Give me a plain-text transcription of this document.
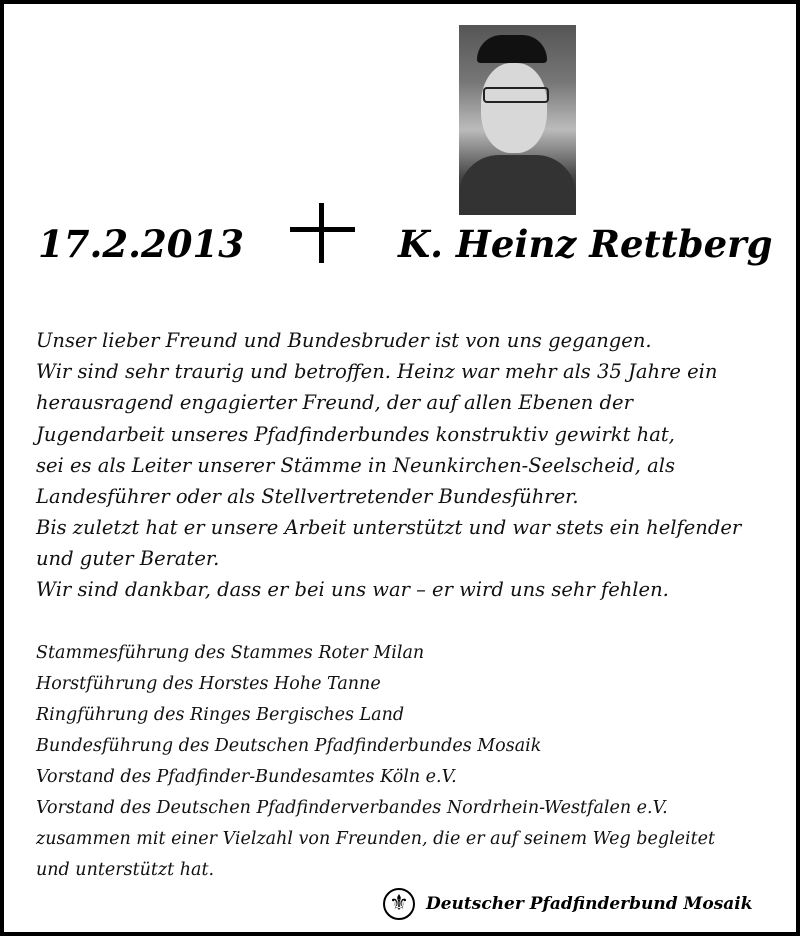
17.2.2013	K. Heinz Rettberg
Unser lieber Freund und Bundesbruder ist von uns gegangen.
Wir sind sehr traurig und betroffen. Heinz war mehr als 35 Jahre ein
herausragend engagierter Freund, der auf allen Ebenen der
Jugendarbeit unseres Pfadfinderbundes konstruktiv gewirkt hat,
sei es als Leiter unserer Stämme in Neunkirchen-Seelscheid, als
Landesführer oder als Stellvertretender Bundesführer.
Bis zuletzt hat er unsere Arbeit unterstützt und war stets ein helfender
und guter Berater.
Wir sind dankbar, dass er bei uns war – er wird uns sehr fehlen.
Stammesführung des Stammes Roter Milan
Horstführung des Horstes Hohe Tanne
Ringführung des Ringes Bergisches Land
Bundesführung des Deutschen Pfadfinderbundes Mosaik
Vorstand des Pfadfinder-Bundesamtes Köln e.V.
Vorstand des Deutschen Pfadfinderverbandes Nordrhein-Westfalen e.V.
zusammen mit einer Vielzahl von Freunden, die er auf seinem Weg begleitet
und unterstützt hat.
⚜	Deutscher Pfadfinderbund Mosaik
